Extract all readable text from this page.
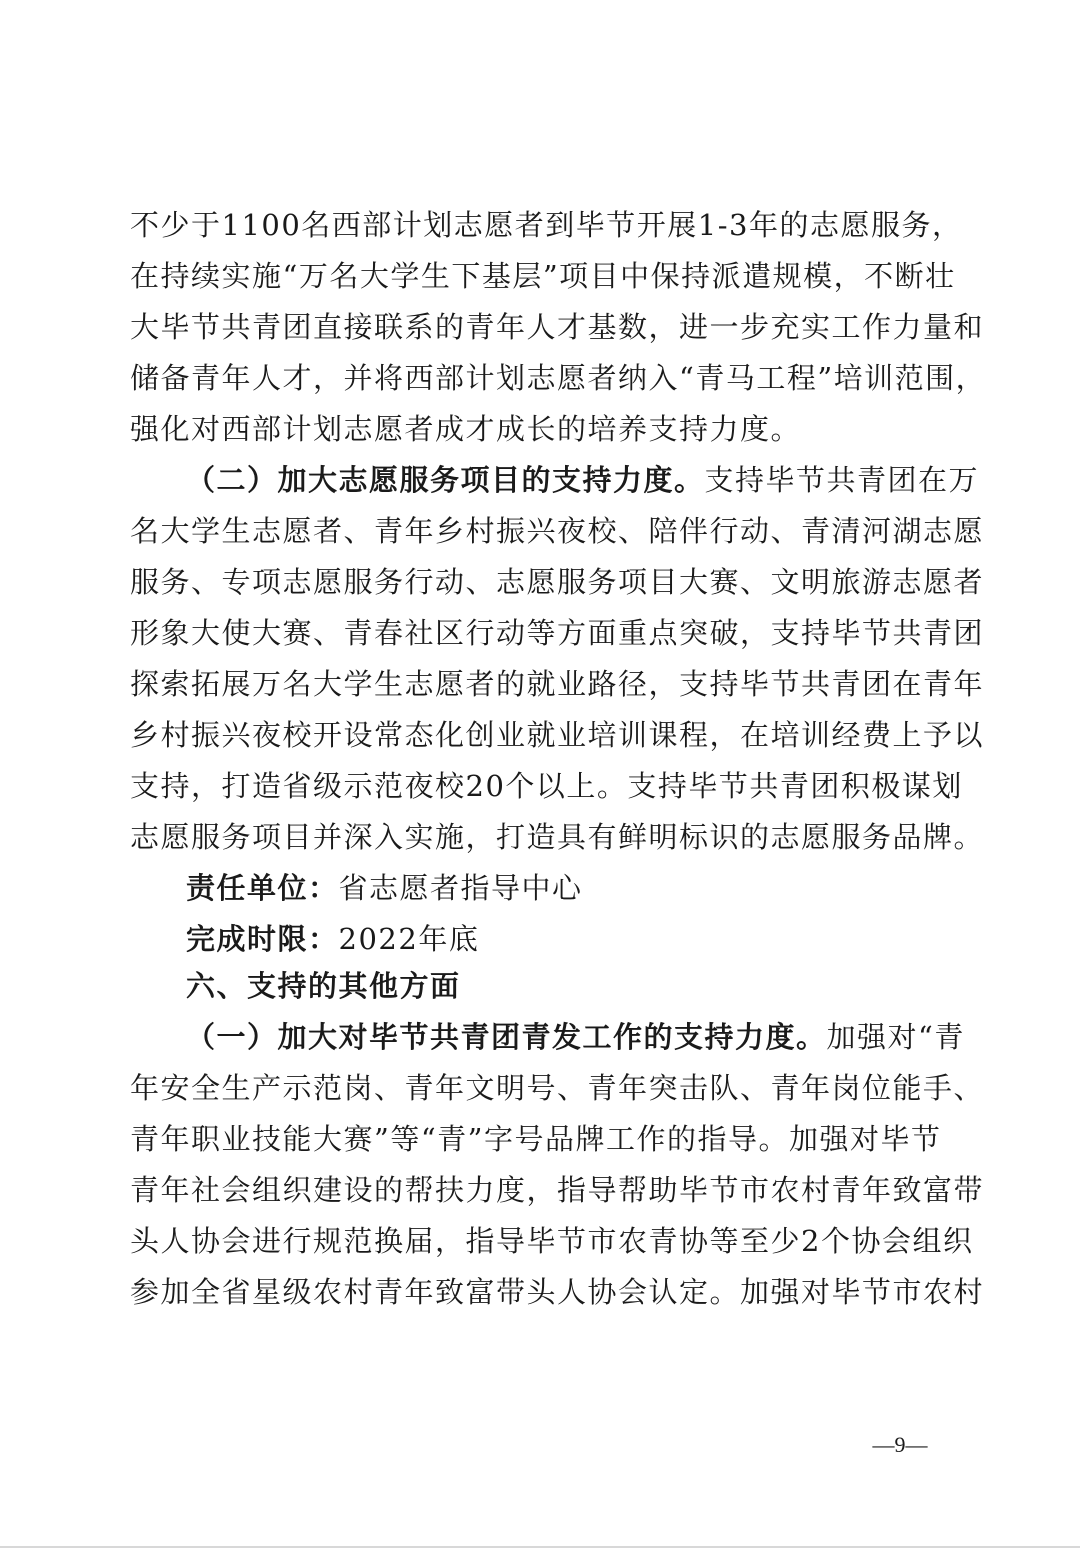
不少于1100名西部计划志愿者到毕节开展1-3年的志愿服务，
在持续实施“万名大学生下基层”项目中保持派遣规模，不断壮
大毕节共青团直接联系的青年人才基数，进一步充实工作力量和
储备青年人才，并将西部计划志愿者纳入“青马工程”培训范围，
强化对西部计划志愿者成才成长的培养支持力度。
（二）加大志愿服务项目的支持力度。支持毕节共青团在万
名大学生志愿者、青年乡村振兴夜校、陪伴行动、青清河湖志愿
服务、专项志愿服务行动、志愿服务项目大赛、文明旅游志愿者
形象大使大赛、青春社区行动等方面重点突破，支持毕节共青团
探索拓展万名大学生志愿者的就业路径，支持毕节共青团在青年
乡村振兴夜校开设常态化创业就业培训课程，在培训经费上予以
支持，打造省级示范夜校20个以上。支持毕节共青团积极谋划
志愿服务项目并深入实施，打造具有鲜明标识的志愿服务品牌。
责任单位：省志愿者指导中心
完成时限：2022年底
六、支持的其他方面
（一）加大对毕节共青团青发工作的支持力度。加强对“青
年安全生产示范岗、青年文明号、青年突击队、青年岗位能手、
青年职业技能大赛”等“青”字号品牌工作的指导。加强对毕节
青年社会组织建设的帮扶力度，指导帮助毕节市农村青年致富带
头人协会进行规范换届，指导毕节市农青协等至少2个协会组织
参加全省星级农村青年致富带头人协会认定。加强对毕节市农村
—9—
